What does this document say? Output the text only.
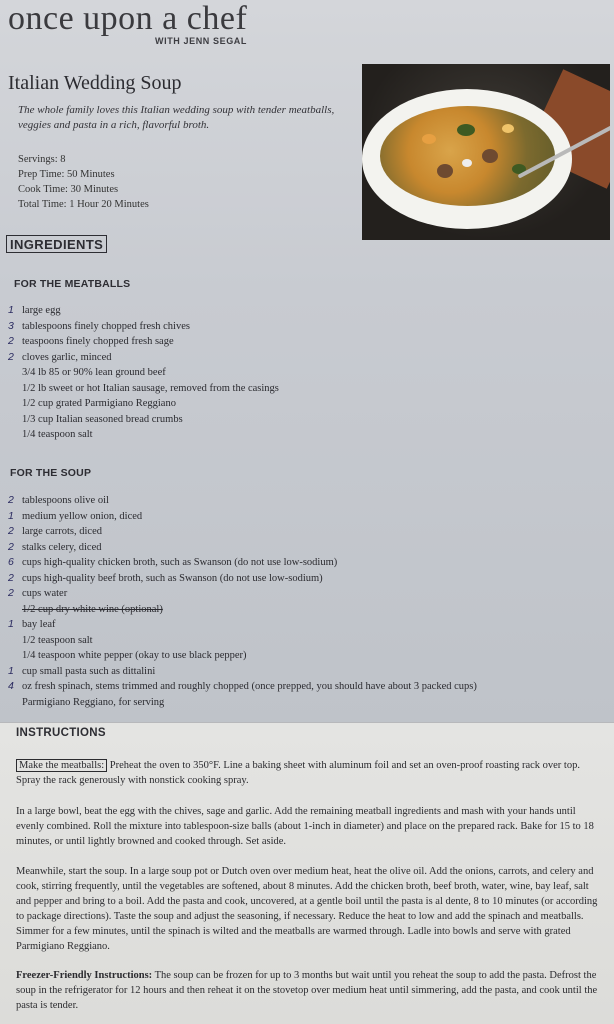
once upon a chef
WITH JENN SEGAL
Italian Wedding Soup
The whole family loves this Italian wedding soup with tender meatballs, veggies and pasta in a rich, flavorful broth.
Servings: 8
Prep Time: 50 Minutes
Cook Time: 30 Minutes
Total Time: 1 Hour 20 Minutes
INGREDIENTS
FOR THE MEATBALLS
1 large egg
3 tablespoons finely chopped fresh chives
2 teaspoons finely chopped fresh sage
2 cloves garlic, minced
3/4 lb 85 or 90% lean ground beef
1/2 lb sweet or hot Italian sausage, removed from the casings
1/2 cup grated Parmigiano Reggiano
1/3 cup Italian seasoned bread crumbs
1/4 teaspoon salt
FOR THE SOUP
2 tablespoons olive oil
1 medium yellow onion, diced
2 large carrots, diced
2 stalks celery, diced
6 cups high-quality chicken broth, such as Swanson (do not use low-sodium)
2 cups high-quality beef broth, such as Swanson (do not use low-sodium)
2 cups water
1/2 cup dry white wine (optional)
1 bay leaf
1/2 teaspoon salt
1/4 teaspoon white pepper (okay to use black pepper)
1 cup small pasta such as dittalini
4 oz fresh spinach, stems trimmed and roughly chopped (once prepped, you should have about 3 packed cups)
Parmigiano Reggiano, for serving
INSTRUCTIONS
Make the meatballs: Preheat the oven to 350°F. Line a baking sheet with aluminum foil and set an oven-proof roasting rack over top. Spray the rack generously with nonstick cooking spray.
In a large bowl, beat the egg with the chives, sage and garlic. Add the remaining meatball ingredients and mash with your hands until evenly combined. Roll the mixture into tablespoon-size balls (about 1-inch in diameter) and place on the prepared rack. Bake for 15 to 18 minutes, or until lightly browned and cooked through. Set aside.
Meanwhile, start the soup. In a large soup pot or Dutch oven over medium heat, heat the olive oil. Add the onions, carrots, and celery and cook, stirring frequently, until the vegetables are softened, about 8 minutes. Add the chicken broth, beef broth, water, wine, bay leaf, salt and pepper and bring to a boil. Add the pasta and cook, uncovered, at a gentle boil until the pasta is al dente, 8 to 10 minutes (or according to package directions). Taste the soup and adjust the seasoning, if necessary. Reduce the heat to low and add the spinach and meatballs. Simmer for a few minutes, until the spinach is wilted and the meatballs are warmed through. Ladle into bowls and serve with grated Parmigiano Reggiano.
Freezer-Friendly Instructions: The soup can be frozen for up to 3 months but wait until you reheat the soup to add the pasta. Defrost the soup in the refrigerator for 12 hours and then reheat it on the stovetop over medium heat until simmering, add the pasta, and cook until the pasta is tender.
